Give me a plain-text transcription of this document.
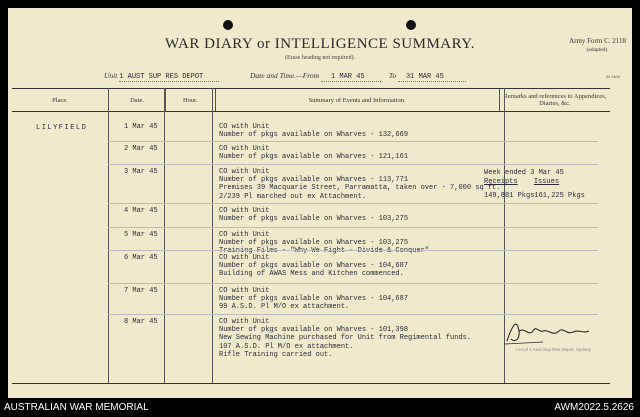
WAR DIARY or INTELLIGENCE SUMMARY.
(Erase heading not required).
Army Form C. 2118
(adapted).
Unit 1 AUST SUP RES DEPOT	Date and Time.—From 1 MAR 45	To 31 MAR 45	IN 1400
Place.	Date.	Hour.	Summary of Events and Information.	Remarks and references to Appendices, Diaries, &c.
LILYFIELD	1 Mar 45	CO with Unit
Number of pkgs available on Wharves - 132,669
2 Mar 45	CO with Unit
Number of pkgs available on Wharves - 121,161
3 Mar 45	CO with Unit
Number of pkgs available on Wharves - 113,771
Premises 39 Macquarie Street, Parramatta, taken over - 7,000 sq ft.
2/239 Pl marched out ex Attachment.
4 Mar 45	CO with Unit
Number of pkgs available on Wharves - 103,275
5 Mar 45	CO with Unit
Number of pkgs available on Wharves - 103,275
Training Films - "Why We Fight - Divide & Conquer"
6 Mar 45	CO with Unit
Number of pkgs available on Wharves - 104,687
Building of AWAS Mess and Kitchen commenced.
7 Mar 45	CO with Unit
Number of pkgs available on Wharves - 104,687
99 A.S.D. Pl M/O ex attachment.
8 Mar 45	CO with Unit
Number of pkgs available on Wharves - 101,398
New Sewing Machine purchased for Unit from Regimental funds.
107 A.S.D. Pl M/O ex attachment.
Rifle Training carried out.
Week ended 3 Mar 45
Receipts Issues
149,881 Pkgs161,225 Pkgs
Lt-Col 1 Aust Sup Res Depot, Sydney
AUSTRALIAN WAR MEMORIAL	AWM2022.5.2626
